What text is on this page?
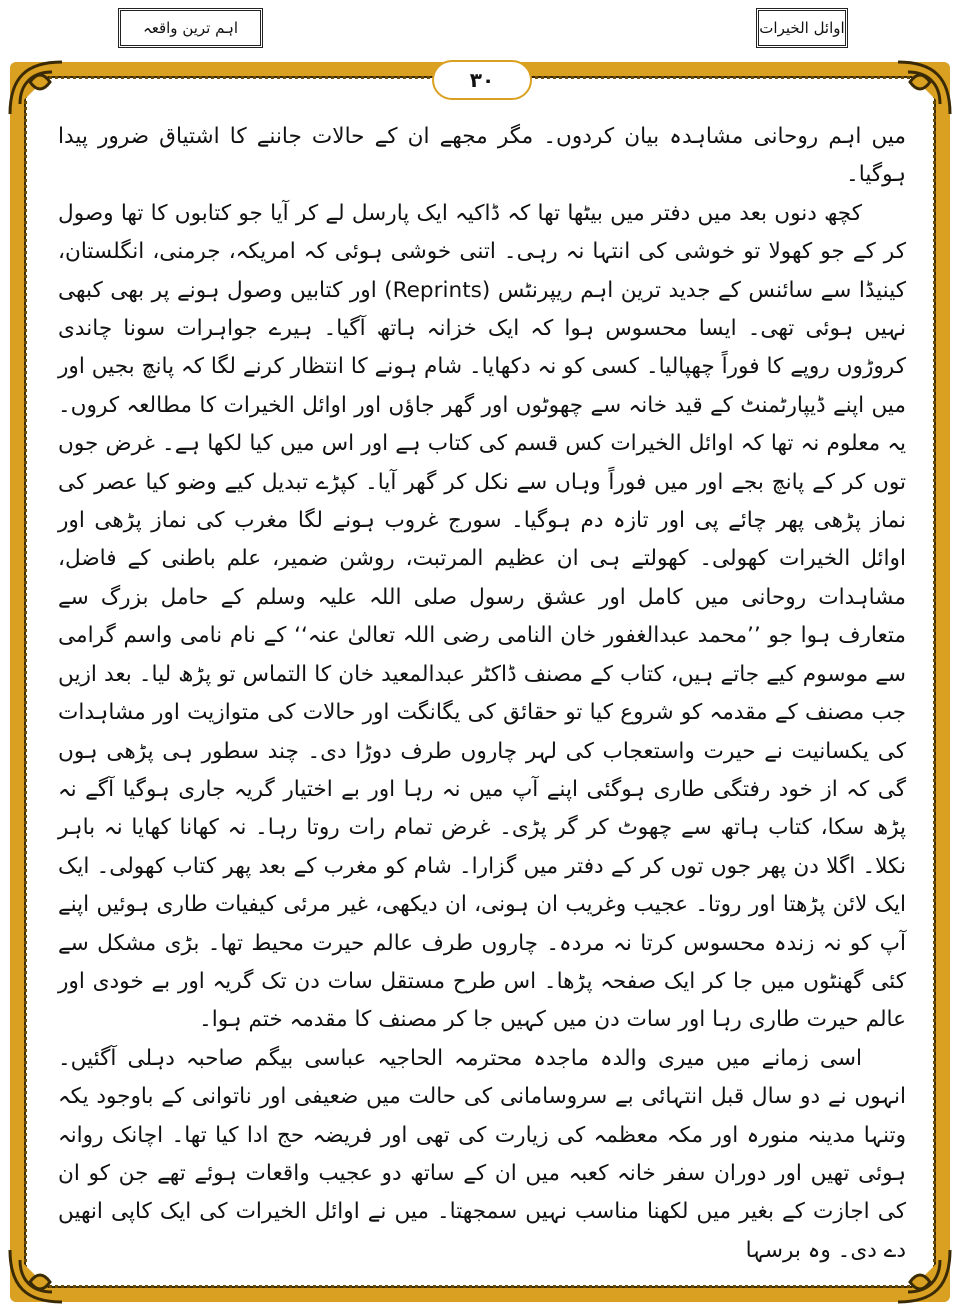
اوائل الخیرات
اہم ترین واقعہ
۳۰

میں اہم روحانی مشاہدہ بیان کردوں۔ مگر مجھے ان کے حالات جاننے کا اشتیاق ضرور پیدا ہوگیا۔

کچھ دنوں بعد میں دفتر میں بیٹھا تھا کہ ڈاکیہ ایک پارسل لے کر آیا جو کتابوں کا تھا وصول کر کے جو کھولا تو خوشی کی انتہا نہ رہی۔ اتنی خوشی ہوئی کہ امریکہ، جرمنی، انگلستان، کینیڈا سے سائنس کے جدید ترین اہم ریپرنٹس (Reprints) اور کتابیں وصول ہونے پر بھی کبھی نہیں ہوئی تھی۔ ایسا محسوس ہوا کہ ایک خزانہ ہاتھ آگیا۔ ہیرے جواہرات سونا چاندی کروڑوں روپے کا فوراً چھپالیا۔ کسی کو نہ دکھایا۔ شام ہونے کا انتظار کرنے لگا کہ پانچ بجیں اور میں اپنے ڈیپارٹمنٹ کے قید خانہ سے چھوٹوں اور گھر جاؤں اور اوائل الخیرات کا مطالعہ کروں۔ یہ معلوم نہ تھا کہ اوائل الخیرات کس قسم کی کتاب ہے اور اس میں کیا لکھا ہے۔ غرض جوں توں کر کے پانچ بجے اور میں فوراً وہاں سے نکل کر گھر آیا۔ کپڑے تبدیل کیے وضو کیا عصر کی نماز پڑھی پھر چائے پی اور تازہ دم ہوگیا۔ سورج غروب ہونے لگا مغرب کی نماز پڑھی اور اوائل الخیرات کھولی۔ کھولتے ہی ان عظیم المرتبت، روشن ضمیر، علم باطنی کے فاضل، مشاہدات روحانی میں کامل اور عشق رسول صلی اللہ علیہ وسلم کے حامل بزرگ سے متعارف ہوا جو ’’محمد عبدالغفور خان النامی رضی اللہ تعالیٰ عنہ‘‘ کے نام نامی واسم گرامی سے موسوم کیے جاتے ہیں، کتاب کے مصنف ڈاکٹر عبدالمعید خان کا التماس تو پڑھ لیا۔ بعد ازیں جب مصنف کے مقدمہ کو شروع کیا تو حقائق کی یگانگت اور حالات کی متوازیت اور مشاہدات کی یکسانیت نے حیرت واستعجاب کی لہر چاروں طرف دوڑا دی۔ چند سطور ہی پڑھی ہوں گی کہ از خود رفتگی طاری ہوگئی اپنے آپ میں نہ رہا اور بے اختیار گریہ جاری ہوگیا آگے نہ پڑھ سکا، کتاب ہاتھ سے چھوٹ کر گر پڑی۔ غرض تمام رات روتا رہا۔ نہ کھانا کھایا نہ باہر نکلا۔ اگلا دن پھر جوں توں کر کے دفتر میں گزارا۔ شام کو مغرب کے بعد پھر کتاب کھولی۔ ایک ایک لائن پڑھتا اور روتا۔ عجیب وغریب ان ہونی، ان دیکھی، غیر مرئی کیفیات طاری ہوئیں اپنے آپ کو نہ زندہ محسوس کرتا نہ مردہ۔ چاروں طرف عالم حیرت محیط تھا۔ بڑی مشکل سے کئی گھنٹوں میں جا کر ایک صفحہ پڑھا۔ اس طرح مستقل سات دن تک گریہ اور بے خودی اور عالم حیرت طاری رہا اور سات دن میں کہیں جا کر مصنف کا مقدمہ ختم ہوا۔

اسی زمانے میں میری والدہ ماجدہ محترمہ الحاجیہ عباسی بیگم صاحبہ دہلی آگئیں۔ انہوں نے دو سال قبل انتہائی بے سروسامانی کی حالت میں ضعیفی اور ناتوانی کے باوجود یکہ وتنہا مدینہ منورہ اور مکہ معظمہ کی زیارت کی تھی اور فریضہ حج ادا کیا تھا۔ اچانک روانہ ہوئی تھیں اور دوران سفر خانہ کعبہ میں ان کے ساتھ دو عجیب واقعات ہوئے تھے جن کو ان کی اجازت کے بغیر میں لکھنا مناسب نہیں سمجھتا۔ میں نے اوائل الخیرات کی ایک کاپی انھیں دے دی۔ وہ برسہا
